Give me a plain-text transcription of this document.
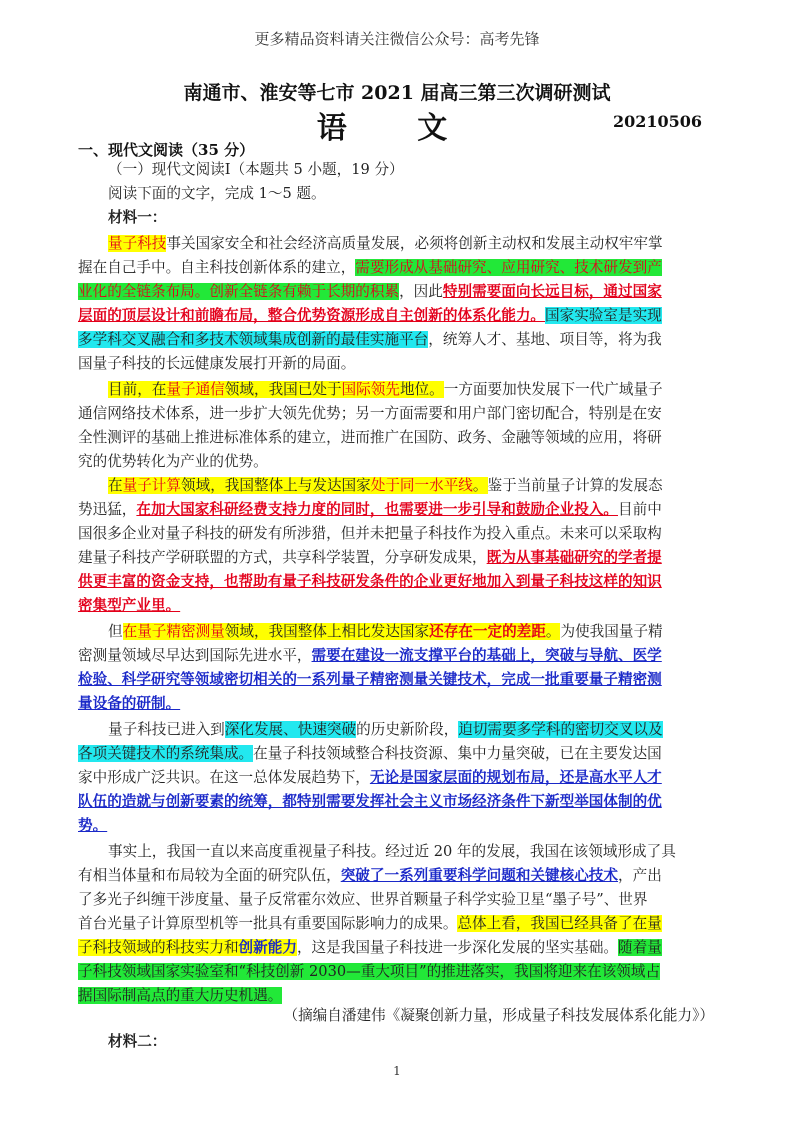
更多精品资料请关注微信公众号：高考先锋
南通市、淮安等七市 2021 届高三第三次调研测试
语 文	20210506
一、现代文阅读（35 分）
（一）现代文阅读Ⅰ（本题共 5 小题，19 分）
阅读下面的文字，完成 1～5 题。
材料一：
量子科技事关国家安全和社会经济高质量发展，必须将创新主动权和发展主动权牢牢掌
握在自己手中。自主科技创新体系的建立，需要形成从基础研究、应用研究、技术研发到产
业化的全链条布局。创新全链条有赖于长期的积累，因此特别需要面向长远目标，通过国家
层面的顶层设计和前瞻布局，整合优势资源形成自主创新的体系化能力。国家实验室是实现
多学科交叉融合和多技术领域集成创新的最佳实施平台，统筹人才、基地、项目等，将为我
国量子科技的长远健康发展打开新的局面。
目前，在量子通信领域，我国已处于国际领先地位。一方面要加快发展下一代广域量子
通信网络技术体系，进一步扩大领先优势；另一方面需要和用户部门密切配合，特别是在安
全性测评的基础上推进标准体系的建立，进而推广在国防、政务、金融等领域的应用，将研
究的优势转化为产业的优势。
在量子计算领域，我国整体上与发达国家处于同一水平线。鉴于当前量子计算的发展态
势迅猛，在加大国家科研经费支持力度的同时，也需要进一步引导和鼓励企业投入。目前中
国很多企业对量子科技的研发有所涉猎，但并未把量子科技作为投入重点。未来可以采取构
建量子科技产学研联盟的方式，共享科学装置，分享研发成果，既为从事基础研究的学者提
供更丰富的资金支持，也帮助有量子科技研发条件的企业更好地加入到量子科技这样的知识
密集型产业里。
但在量子精密测量领域，我国整体上相比发达国家还存在一定的差距。为使我国量子精
密测量领域尽早达到国际先进水平，需要在建设一流支撑平台的基础上，突破与导航、医学
检验、科学研究等领域密切相关的一系列量子精密测量关键技术，完成一批重要量子精密测
量设备的研制。
量子科技已进入到深化发展、快速突破的历史新阶段，迫切需要多学科的密切交叉以及
各项关键技术的系统集成。在量子科技领域整合科技资源、集中力量突破，已在主要发达国
家中形成广泛共识。在这一总体发展趋势下，无论是国家层面的规划布局，还是高水平人才
队伍的造就与创新要素的统筹，都特别需要发挥社会主义市场经济条件下新型举国体制的优
势。
事实上，我国一直以来高度重视量子科技。经过近 20 年的发展，我国在该领域形成了具
有相当体量和布局较为全面的研究队伍，突破了一系列重要科学问题和关键核心技术，产出
了多光子纠缠干涉度量、量子反常霍尔效应、世界首颗量子科学实验卫星“墨子号”、世界
首台光量子计算原型机等一批具有重要国际影响力的成果。总体上看，我国已经具备了在量
子科技领域的科技实力和创新能力，这是我国量子科技进一步深化发展的坚实基础。随着量
子科技领域国家实验室和“科技创新 2030—重大项目”的推进落实，我国将迎来在该领域占
据国际制高点的重大历史机遇。
（摘编自潘建伟《凝聚创新力量，形成量子科技发展体系化能力》）
材料二：
1
